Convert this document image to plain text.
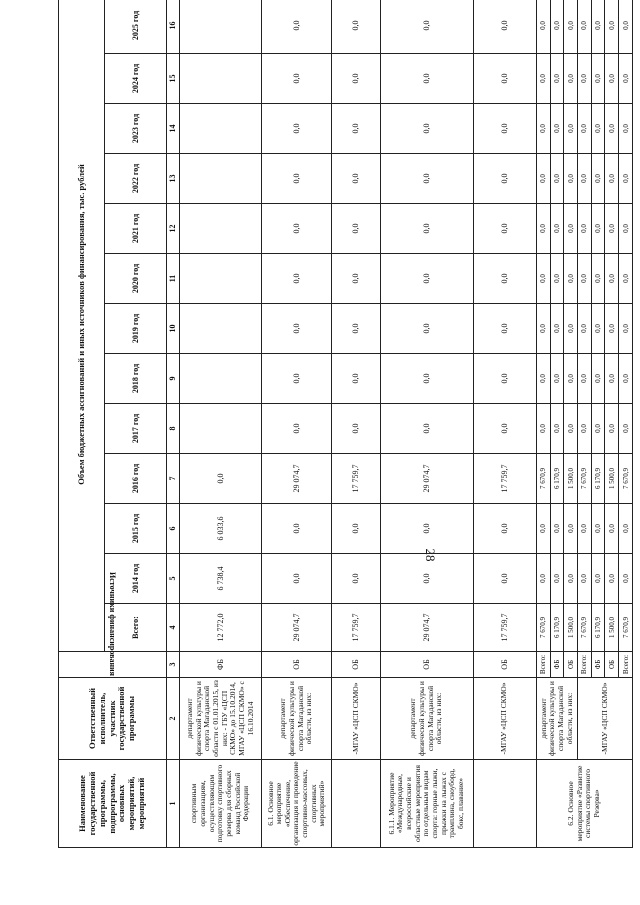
28
Наименование государственной программы, подпрограммы, основных мероприятий, мероприятий	Ответственный исполнитель, участник государственной программы	Источники финансирования	Объем бюджетных ассигнований и иных источников финансирования, тыс. рублей												
			Всего:	2014 год	2015 год	2016 год	2017 год	2018 год	2019 год	2020 год	2021 год	2022 год	2023 год	2024 год	2025 год
1	2	3	4	5	6	7	8	9	10	11	12	13	14	15	16
спортивным организациям, осуществляющим подготовку спортивного резерва для сборных команд Российской Федерации	департамент физической культуры и спорта Магаданской области с 01.01.2015, из них: - ГБУ «ЦСП СКМО» до 15.10.2014, МГАУ «ЦСП СКМО» с 16.10.2014	ФБ	12 772,0	6 738,4	6 033,6	0,0									
6.1. Основное мероприятие «Обеспечение, организация и проведение спортивно-массовых, спортивных мероприятий»	департамент физической культуры и спорта Магаданской области, из них:	ОБ	29 074,7	0,0	0,0	29 074,7	0,0	0,0	0,0	0,0	0,0	0,0	0,0	0,0	0,0
	-МГАУ «ЦСП СКМО»	ОБ	17 759,7	0,0	0,0	17 759,7	0,0	0,0	0,0	0,0	0,0	0,0	0,0	0,0	0,0
6.1.1. Мероприятие «Международные, всероссийские и областные мероприятия по отдельным видам спорта: горные лыжи, прыжки на лыжах с трамплина, сноуборд, бокс, плавание»	департамент физической культуры и спорта Магаданской области, из них:	ОБ	29 074,7	0,0	0,0	29 074,7	0,0	0,0	0,0	0,0	0,0	0,0	0,0	0,0	0,0
	-МГАУ «ЦСП СКМО»	ОБ	17 759,7	0,0	0,0	17 759,7	0,0	0,0	0,0	0,0	0,0	0,0	0,0	0,0	0,0
6.2. Основное мероприятие «Развитие системы спортивного Резерва»	департамент физической культуры и спорта Магаданской области, из них:	Всего:	7 670,9	0,0	0,0	7 670,9	0,0	0,0	0,0	0,0	0,0	0,0	0,0	0,0	0,0
		ФБ	6 170,9	0,0	0,0	6 170,9	0,0	0,0	0,0	0,0	0,0	0,0	0,0	0,0	0,0
		ОБ	1 500,0	0,0	0,0	1 500,0	0,0	0,0	0,0	0,0	0,0	0,0	0,0	0,0	0,0
	-МГАУ «ЦСП СКМО»	Всего:	7 670,9	0,0	0,0	7 670,9	0,0	0,0	0,0	0,0	0,0	0,0	0,0	0,0	0,0
		ФБ	6 170,9	0,0	0,0	6 170,9	0,0	0,0	0,0	0,0	0,0	0,0	0,0	0,0	0,0
		ОБ	1 500,0	0,0	0,0	1 500,0	0,0	0,0	0,0	0,0	0,0	0,0	0,0	0,0	0,0
		Всего:	7 670,9	0,0	0,0	7 670,9	0,0	0,0	0,0	0,0	0,0	0,0	0,0	0,0	0,0
